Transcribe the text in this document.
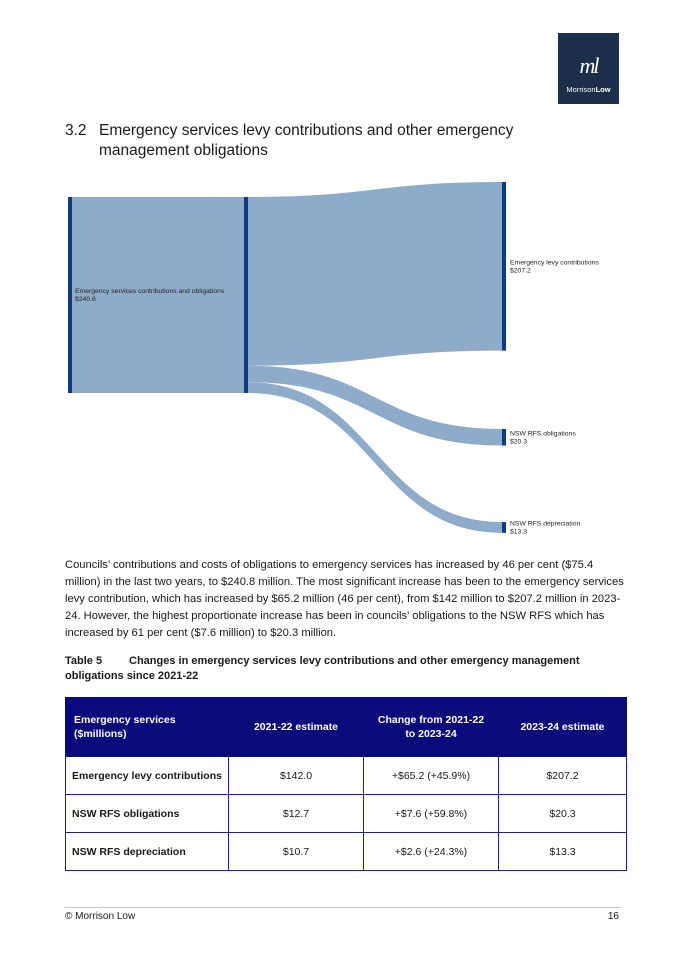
ml
MorrisonLow
3.2 Emergency services levy contributions and other emergency management obligations
Emergency levy contributions
$207.2
NSW RFS obligations
$20.3
NSW RFS depreciation
$13.3
Emergency services contributions and obligations
$240.8

Councils’ contributions and costs of obligations to emergency services has increased by 46 per cent ($75.4 million) in the last two years, to $240.8 million. The most significant increase has been to the emergency services levy contribution, which has increased by $65.2 million (46 per cent), from $142 million to $207.2 million in 2023-24. However, the highest proportionate increase has been in councils’ obligations to the NSW RFS which has increased by 61 per cent ($7.6 million) to $20.3 million.

Table 5 Changes in emergency services levy contributions and other emergency management obligations since 2021-22
Emergency services ($millions)	2021-22 estimate	Change from 2021-22 to 2023-24	2023-24 estimate
Emergency levy contributions	$142.0	+$65.2 (+45.9%)	$207.2
NSW RFS obligations	$12.7	+$7.6 (+59.8%)	$20.3
NSW RFS depreciation	$10.7	+$2.6 (+24.3%)	$13.3
© Morrison Low	16
